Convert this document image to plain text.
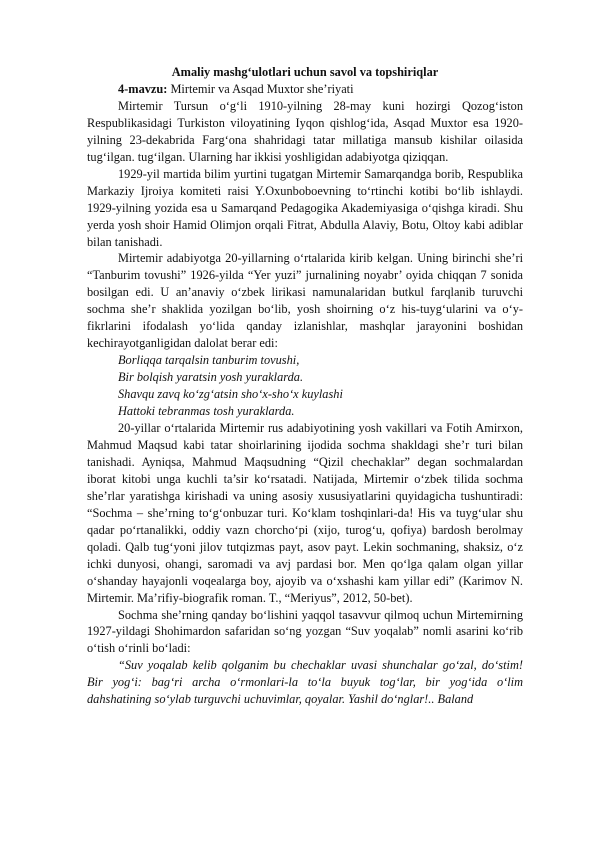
Amaliy mashg‘ulotlari uchun savol va topshiriqlar
4-mavzu: Mirtemir va Asqad Muxtor she’riyati

Mirtemir Tursun o‘g‘li 1910-yilning 28-may kuni hozirgi Qozog‘iston Respublikasidagi Turkiston viloyatining Iyqon qishlog‘ida, Asqad Muxtor esa 1920-yilning 23-dekabrida Farg‘ona shahridagi tatar millatiga mansub kishilar oilasida tug‘ilgan. tug‘ilgan. Ularning har ikkisi yoshligidan adabiyotga qiziqqan.

1929-yil martida bilim yurtini tugatgan Mirtemir Samarqandga borib, Respublika Markaziy Ijroiya komiteti raisi Y.Oxunboboevning to‘rtinchi kotibi bo‘lib ishlaydi. 1929-yilning yozida esa u Samarqand Pedagogika Akademiyasiga o‘qishga kiradi. Shu yerda yosh shoir Hamid Olimjon orqali Fitrat, Abdulla Alaviy, Botu, Oltoy kabi adiblar bilan tanishadi.

Mirtemir adabiyotga 20-yillarning o‘rtalarida kirib kelgan. Uning birinchi she’ri “Tanburim tovushi” 1926-yilda “Yer yuzi” jurnalining noyabr’ oyida chiqqan 7 sonida bosilgan edi. U an’anaviy o‘zbek lirikasi namunalaridan butkul farqlanib turuvchi sochma she’r shaklida yozilgan bo‘lib, yosh shoirning o‘z his-tuyg‘ularini va o‘y-fikrlarini ifodalash yo‘lida qanday izlanishlar, mashqlar jarayonini boshidan kechirayotganligidan dalolat berar edi:

Borliqqa tarqalsin tanburim tovushi,
Bir bolqish yaratsin yosh yuraklarda.
Shavqu zavq ko‘zg‘atsin sho‘x-sho‘x kuylashi
Hattoki tebranmas tosh yuraklarda.

20-yillar o‘rtalarida Mirtemir rus adabiyotining yosh vakillari va Fotih Amirxon, Mahmud Maqsud kabi tatar shoirlarining ijodida sochma shakldagi she’r turi bilan tanishadi. Ayniqsa, Mahmud Maqsudning “Qizil chechaklar” degan sochmalardan iborat kitobi unga kuchli ta’sir ko‘rsatadi. Natijada, Mirtemir o‘zbek tilida sochma she’rlar yaratishga kirishadi va uning asosiy xususiyatlarini quyidagicha tushuntiradi: “Sochma – she’rning to‘g‘onbuzar turi. Ko‘klam toshqinlari-da! His va tuyg‘ular shu qadar po‘rtanalikki, oddiy vazn chorcho‘pi (xijo, turog‘u, qofiya) bardosh berolmay qoladi. Qalb tug‘yoni jilov tutqizmas payt, asov payt. Lekin sochmaning, shaksiz, o‘z ichki dunyosi, ohangi, saromadi va avj pardasi bor. Men qo‘lga qalam olgan yillar o‘shanday hayajonli voqealarga boy, ajoyib va o‘xshashi kam yillar edi” (Karimov N. Mirtemir. Ma’rifiy-biografik roman. T., “Meriyus”, 2012, 50-bet).

Sochma she’rning qanday bo‘lishini yaqqol tasavvur qilmoq uchun Mirtemirning 1927-yildagi Shohimardon safaridan so‘ng yozgan “Suv yoqalab” nomli asarini ko‘rib o‘tish o‘rinli bo‘ladi:

“Suv yoqalab kelib qolganim bu chechaklar uvasi shunchalar go‘zal, do‘stim! Bir yog‘i: bag‘ri archa o‘rmonlari-la to‘la buyuk tog‘lar, bir yog‘ida o‘lim dahshatining so‘ylab turguvchi uchuvimlar, qoyalar. Yashil do‘nglar!.. Baland
